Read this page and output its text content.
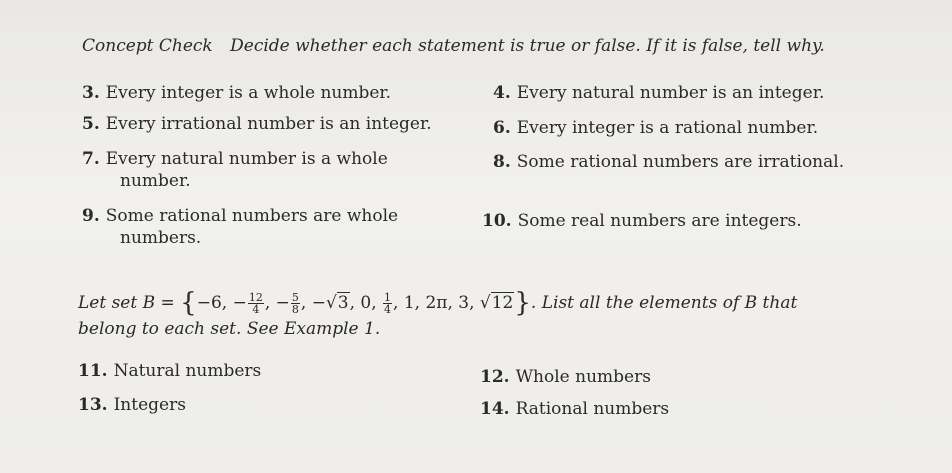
Concept Check Decide whether each statement is true or false. If it is false, tell why.
3. Every integer is a whole number.	4. Every natural number is an integer.
5. Every irrational number is an integer.	6. Every integer is a rational number.
7. Every natural number is a whole
number.
8. Some rational numbers are irrational.
9. Some rational numbers are whole
numbers.
10. Some real numbers are integers.
Let set B = {−6, − $\frac{12}{4}$ , − $\frac{5}{8}$ , −√3, 0, $\frac{1}{4}$ , 1, 2π, 3, √12}. List all the elements of B that
belong to each set. See Example 1.
11. Natural numbers	12. Whole numbers
13. Integers	14. Rational numbers
